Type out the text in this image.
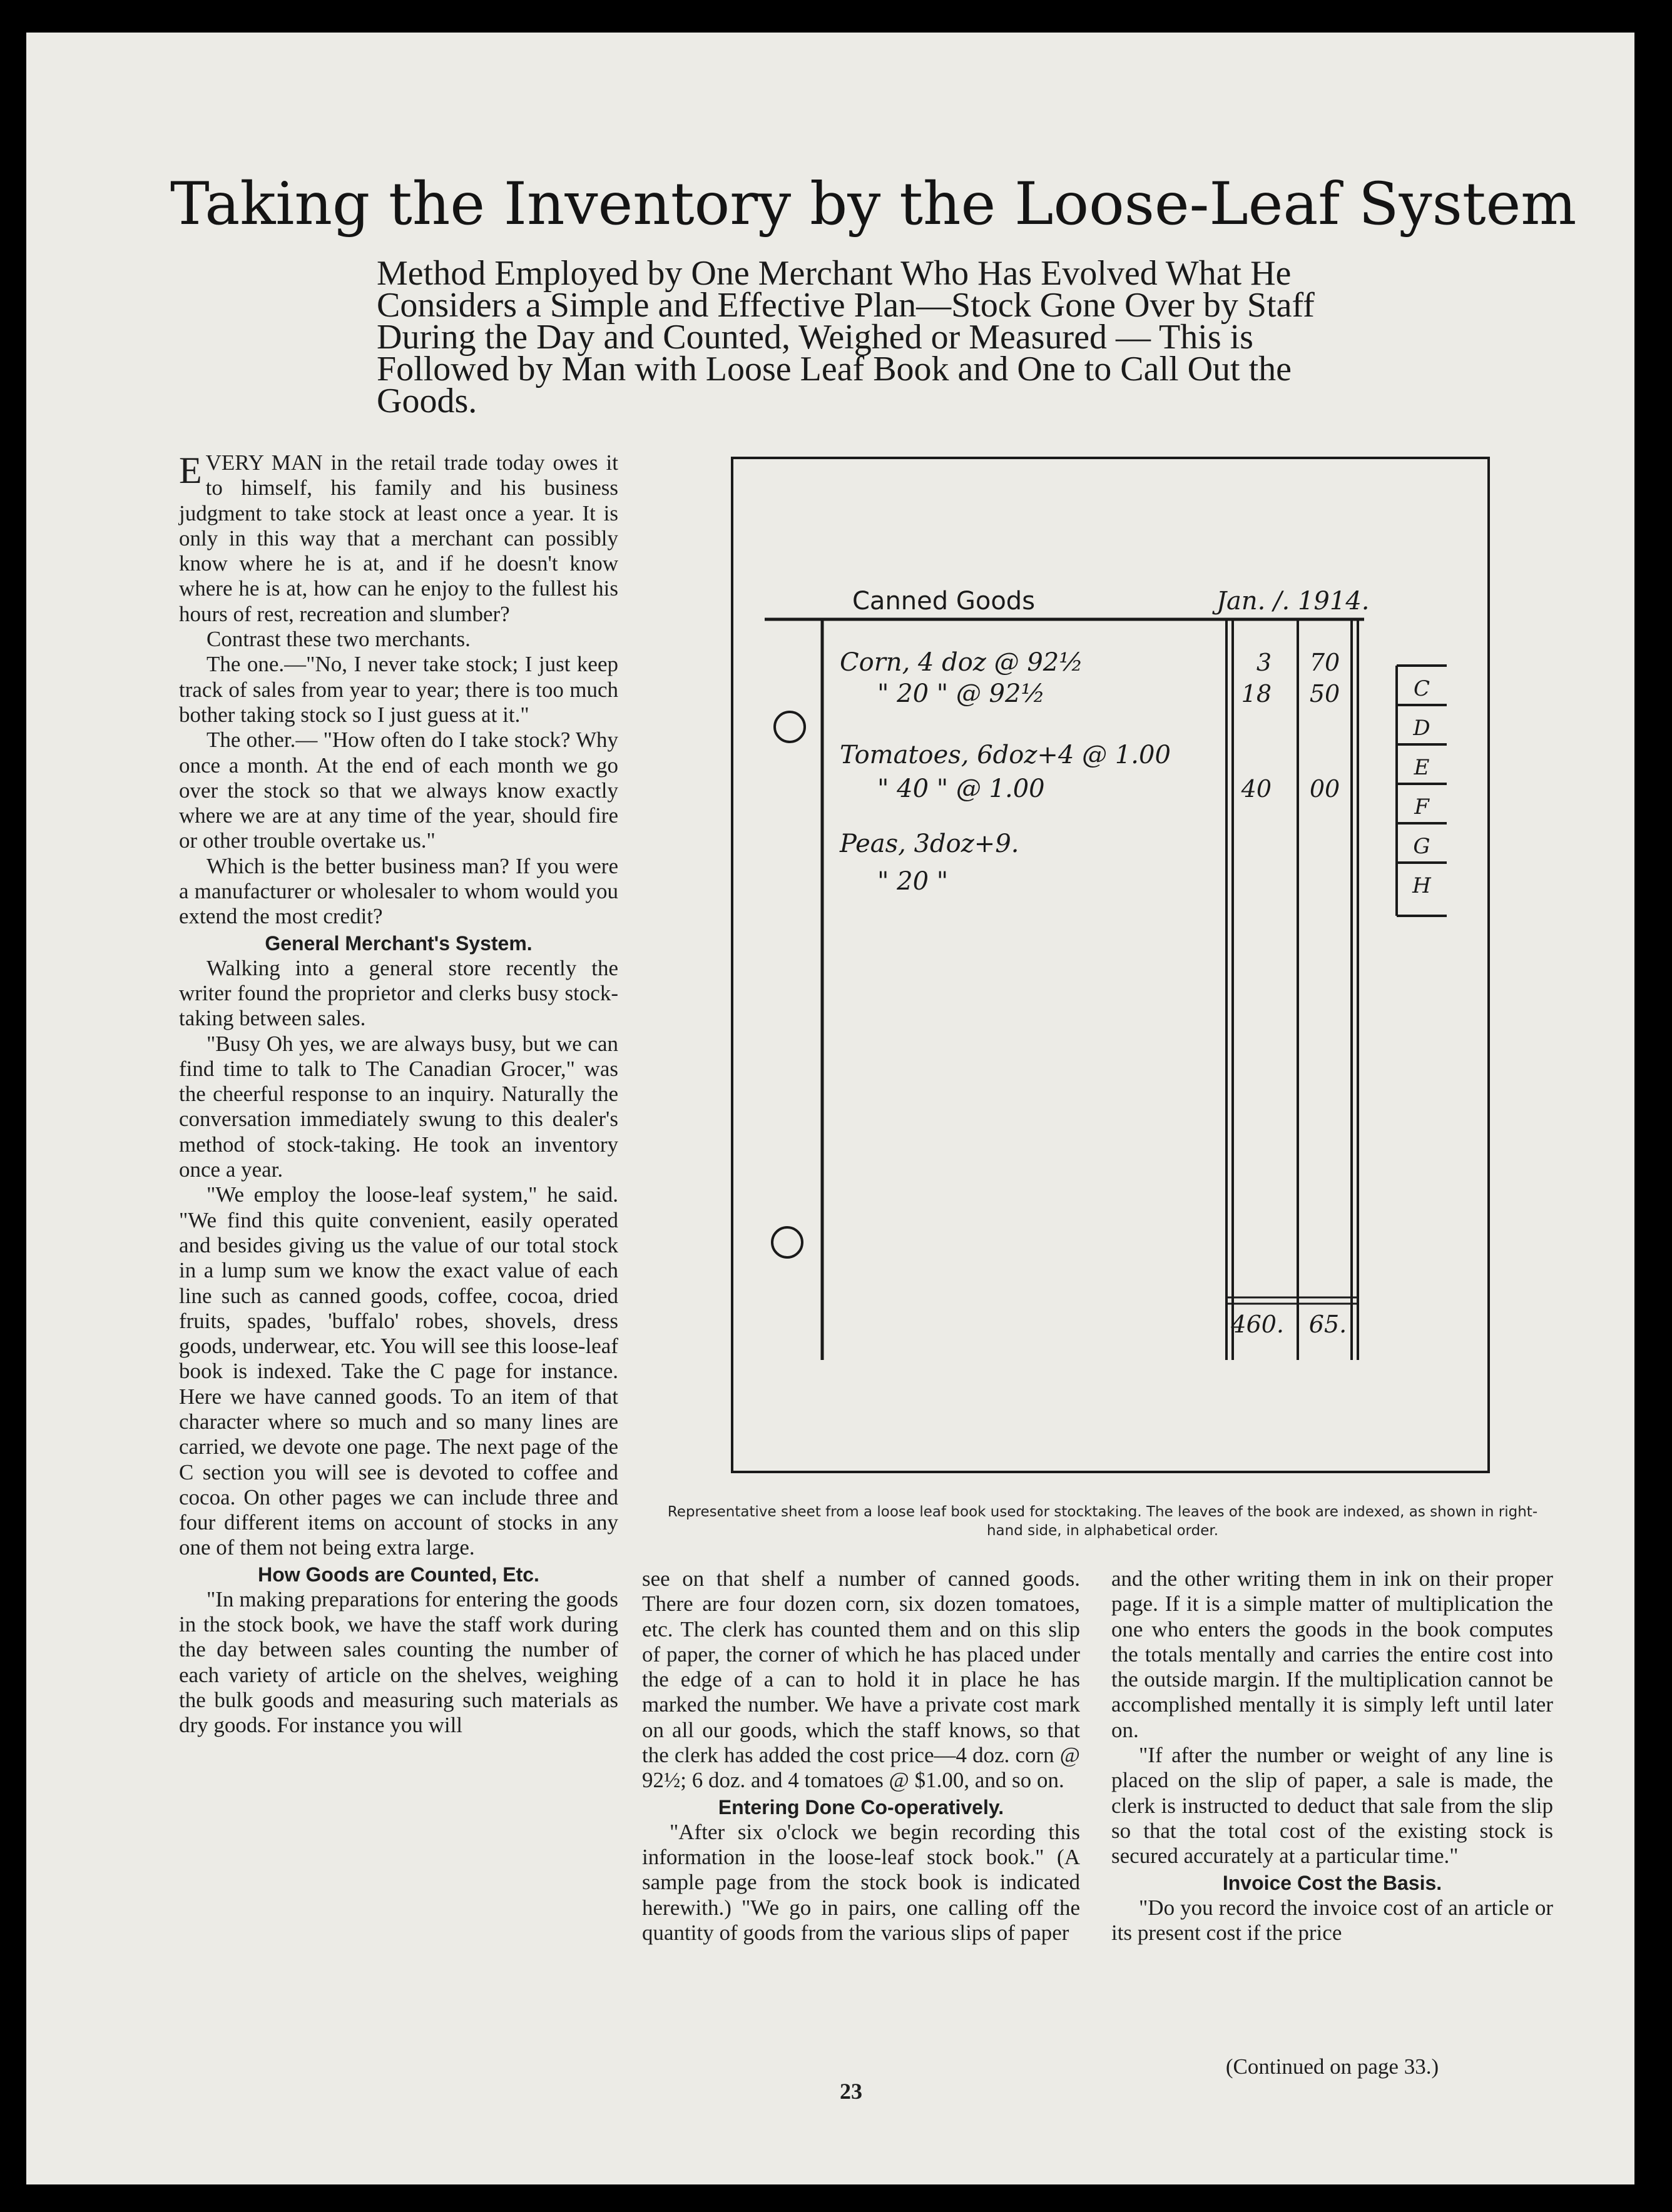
Taking the Inventory by the Loose-Leaf System
Method Employed by One Merchant Who Has Evolved What He Considers a Simple and Effective Plan—Stock Gone Over by Staff During the Day and Counted, Weighed or Measured — This is Followed by Man with Loose Leaf Book and One to Call Out the Goods.

EVERY MAN in the retail trade today owes it to himself, his family and his business judgment to take stock at least once a year. It is only in this way that a merchant can possibly know where he is at, and if he doesn't know where he is at, how can he enjoy to the fullest his hours of rest, recreation and slumber?

Contrast these two merchants.

The one.—"No, I never take stock; I just keep track of sales from year to year; there is too much bother taking stock so I just guess at it."

The other.— "How often do I take stock? Why once a month. At the end of each month we go over the stock so that we always know exactly where we are at any time of the year, should fire or other trouble overtake us."

Which is the better business man? If you were a manufacturer or wholesaler to whom would you extend the most credit?

General Merchant's System.

Walking into a general store recently the writer found the proprietor and clerks busy stock-taking between sales.

"Busy Oh yes, we are always busy, but we can find time to talk to The Canadian Grocer," was the cheerful response to an inquiry. Naturally the conversation immediately swung to this dealer's method of stock-taking. He took an inventory once a year.

"We employ the loose-leaf system," he said. "We find this quite convenient, easily operated and besides giving us the value of our total stock in a lump sum we know the exact value of each line such as canned goods, coffee, cocoa, dried fruits, spades, 'buffalo' robes, shovels, dress goods, underwear, etc. You will see this loose-leaf book is indexed. Take the C page for instance. Here we have canned goods. To an item of that character where so much and so many lines are carried, we devote one page. The next page of the C section you will see is devoted to coffee and cocoa. On other pages we can include three and four different items on account of stocks in any one of them not being extra large.

How Goods are Counted, Etc.

"In making preparations for entering the goods in the stock book, we have the staff work during the day between sales counting the number of each variety of article on the shelves, weighing the bulk goods and measuring such materials as dry goods. For instance you will

Canned Goods	Jan. /. 1914.
Corn, 4 doz @ 92½	3 70
" 20 " @ 92½	18 50
Tomatoes, 6doz+4 @ 1.00
" 40 " @ 1.00	40 00
Peas, 3doz+9.
" 20 "
460. 65.
C
D
E
F
G
H
Representative sheet from a loose leaf book used for stocktaking. The leaves of the book are indexed, as shown in right-hand side, in alphabetical order.

see on that shelf a number of canned goods. There are four dozen corn, six dozen tomatoes, etc. The clerk has counted them and on this slip of paper, the corner of which he has placed under the edge of a can to hold it in place he has marked the number. We have a private cost mark on all our goods, which the staff knows, so that the clerk has added the cost price—4 doz. corn @ 92½; 6 doz. and 4 tomatoes @ $1.00, and so on.

Entering Done Co-operatively.

"After six o'clock we begin recording this information in the loose-leaf stock book." (A sample page from the stock book is indicated herewith.) "We go in pairs, one calling off the quantity of goods from the various slips of paper

and the other writing them in ink on their proper page. If it is a simple matter of multiplication the one who enters the goods in the book computes the totals mentally and carries the entire cost into the outside margin. If the multiplication cannot be accomplished mentally it is simply left until later on.

"If after the number or weight of any line is placed on the slip of paper, a sale is made, the clerk is instructed to deduct that sale from the slip so that the total cost of the existing stock is secured accurately at a particular time."

Invoice Cost the Basis.

"Do you record the invoice cost of an article or its present cost if the price

(Continued on page 33.)
23
